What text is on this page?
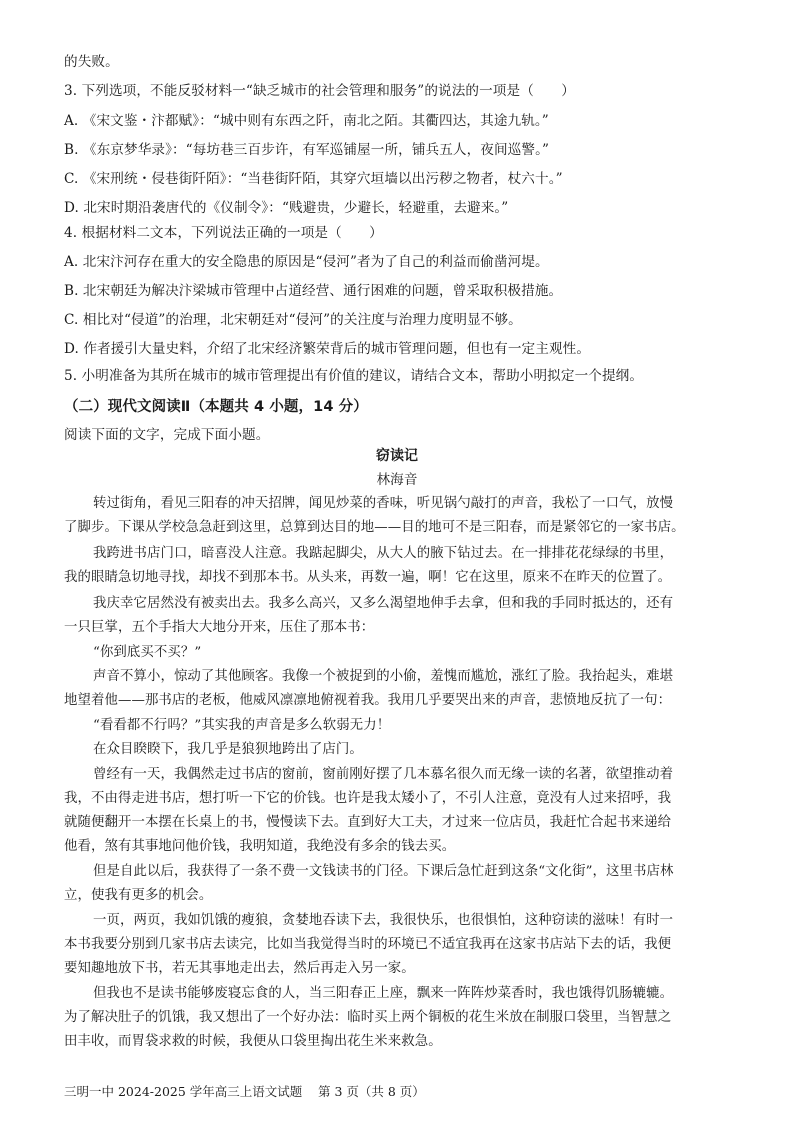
的失败。
3. 下列选项，不能反驳材料一“缺乏城市的社会管理和服务”的说法的一项是（　　）
A. 《宋文鉴・汴都赋》：“城中则有东西之阡，南北之陌。其衢四达，其途九轨。”
B. 《东京梦华录》：“每坊巷三百步许，有军巡铺屋一所，铺兵五人，夜间巡警。”
C. 《宋刑统・侵巷街阡陌》：“当巷街阡陌，其穿穴垣墙以出污秽之物者，杖六十。”
D. 北宋时期沿袭唐代的《仪制令》：“贱避贵，少避长，轻避重，去避来。”
4. 根据材料二文本，下列说法正确的一项是（　　）
A. 北宋汴河存在重大的安全隐患的原因是“侵河”者为了自己的利益而偷凿河堤。
B. 北宋朝廷为解决汴梁城市管理中占道经营、通行困难的问题，曾采取积极措施。
C. 相比对“侵道”的治理，北宋朝廷对“侵河”的关注度与治理力度明显不够。
D. 作者援引大量史料，介绍了北宋经济繁荣背后的城市管理问题，但也有一定主观性。
5. 小明准备为其所在城市的城市管理提出有价值的建议，请结合文本，帮助小明拟定一个提纲。
（二）现代文阅读Ⅱ（本题共 4 小题，14 分）
阅读下面的文字，完成下面小题。
窃读记
林海音
转过街角，看见三阳春的冲天招牌，闻见炒菜的香味，听见锅勺敲打的声音，我松了一口气，放慢
了脚步。下课从学校急急赶到这里，总算到达目的地——目的地可不是三阳春，而是紧邻它的一家书店。
我跨进书店门口，暗喜没人注意。我踮起脚尖，从大人的腋下钻过去。在一排排花花绿绿的书里，
我的眼睛急切地寻找，却找不到那本书。从头来，再数一遍，啊！它在这里，原来不在昨天的位置了。
我庆幸它居然没有被卖出去。我多么高兴，又多么渴望地伸手去拿，但和我的手同时抵达的，还有
一只巨掌，五个手指大大地分开来，压住了那本书：
“你到底买不买？”
声音不算小，惊动了其他顾客。我像一个被捉到的小偷，羞愧而尴尬，涨红了脸。我抬起头，难堪
地望着他——那书店的老板，他威风凛凛地俯视着我。我用几乎要哭出来的声音，悲愤地反抗了一句：
“看看都不行吗？”其实我的声音是多么软弱无力！
在众目睽睽下，我几乎是狼狈地跨出了店门。
曾经有一天，我偶然走过书店的窗前，窗前刚好摆了几本慕名很久而无缘一读的名著，欲望推动着
我，不由得走进书店，想打听一下它的价钱。也许是我太矮小了，不引人注意，竟没有人过来招呼，我
就随便翻开一本摆在长桌上的书，慢慢读下去。直到好大工夫，才过来一位店员，我赶忙合起书来递给
他看，煞有其事地问他价钱，我明知道，我绝没有多余的钱去买。
但是自此以后，我获得了一条不费一文钱读书的门径。下课后急忙赶到这条“文化街”，这里书店林
立，使我有更多的机会。
一页，两页，我如饥饿的瘦狼，贪婪地吞读下去，我很快乐，也很惧怕，这种窃读的滋味！有时一
本书我要分别到几家书店去读完，比如当我觉得当时的环境已不适宜我再在这家书店站下去的话，我便
要知趣地放下书，若无其事地走出去，然后再走入另一家。
但我也不是读书能够废寝忘食的人，当三阳春正上座，飘来一阵阵炒菜香时，我也饿得饥肠辘辘。
为了解决肚子的饥饿，我又想出了一个好办法：临时买上两个铜板的花生米放在制服口袋里，当智慧之
田丰收，而胃袋求救的时候，我便从口袋里掏出花生米来救急。
三明一中 2024-2025 学年高三上语文试题 第 3 页（共 8 页）
